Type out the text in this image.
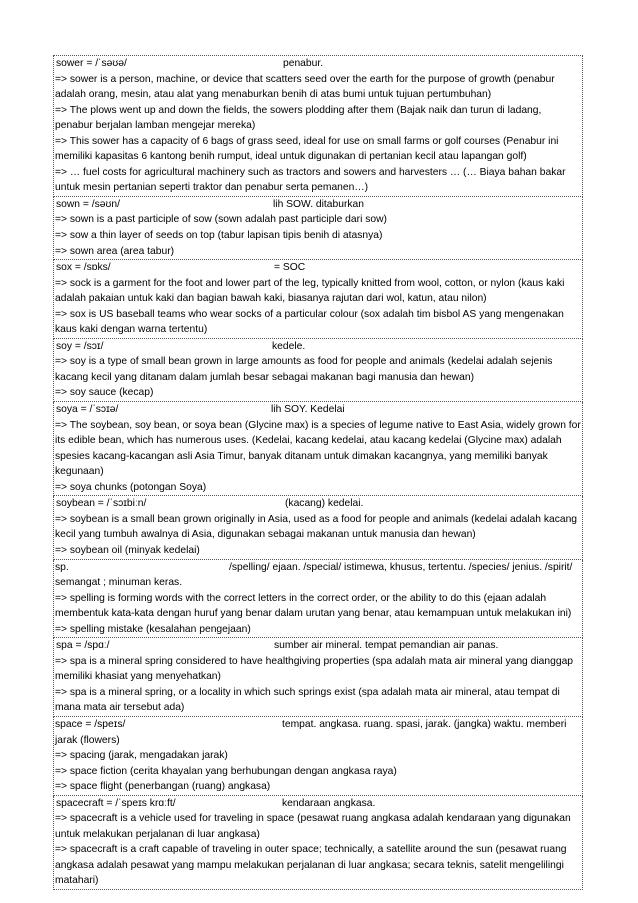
sower = /ˈsəʊə/	penabur.
=> sower is a person, machine, or device that scatters seed over the earth for the purpose of growth (penabur adalah orang, mesin, atau alat yang menaburkan benih di atas bumi untuk tujuan pertumbuhan)
=> The plows went up and down the fields, the sowers plodding after them (Bajak naik dan turun di ladang, penabur berjalan lamban mengejar mereka)
=> This sower has a capacity of 6 bags of grass seed, ideal for use on small farms or golf courses (Penabur ini memiliki kapasitas 6 kantong benih rumput, ideal untuk digunakan di pertanian kecil atau lapangan golf)
=> … fuel costs for agricultural machinery such as tractors and sowers and harvesters … (… Biaya bahan bakar untuk mesin pertanian seperti traktor dan penabur serta pemanen…)
sown = /səʊn/	lih SOW. ditaburkan
=> sown is a past participle of sow (sown adalah past participle dari sow)
=> sow a thin layer of seeds on top (tabur lapisan tipis benih di atasnya)
=> sown area (area tabur)
sox = /sɒks/	= SOC
=> sock is a garment for the foot and lower part of the leg, typically knitted from wool, cotton, or nylon (kaus kaki adalah pakaian untuk kaki dan bagian bawah kaki, biasanya rajutan dari wol, katun, atau nilon)
=> sox is US baseball teams who wear socks of a particular colour (sox adalah tim bisbol AS yang mengenakan kaus kaki dengan warna tertentu)
soy = /sɔɪ/	kedele.
=> soy is a type of small bean grown in large amounts as food for people and animals (kedelai adalah sejenis kacang kecil yang ditanam dalam jumlah besar sebagai makanan bagi manusia dan hewan)
=> soy sauce (kecap)
soya = /ˈsɔɪə/	lih SOY. Kedelai
=> The soybean, soy bean, or soya bean (Glycine max) is a species of legume native to East Asia, widely grown for its edible bean, which has numerous uses. (Kedelai, kacang kedelai, atau kacang kedelai (Glycine max) adalah spesies kacang-kacangan asli Asia Timur, banyak ditanam untuk dimakan kacangnya, yang memiliki banyak kegunaan)
=> soya chunks (potongan Soya)
soybean = /ˈsɔɪbiːn/	(kacang) kedelai.
=> soybean is a small bean grown originally in Asia, used as a food for people and animals (kedelai adalah kacang kecil yang tumbuh awalnya di Asia, digunakan sebagai makanan untuk manusia dan hewan)
=> soybean oil (minyak kedelai)
sp.	/spelling/ ejaan. /special/ istimewa, khusus, tertentu. /species/ jenius. /spirit/ semangat ; minuman keras.
=> spelling is forming words with the correct letters in the correct order, or the ability to do this (ejaan adalah membentuk kata-kata dengan huruf yang benar dalam urutan yang benar, atau kemampuan untuk melakukan ini)
=> spelling mistake (kesalahan pengejaan)
spa = /spɑː/	sumber air mineral. tempat pemandian air panas.
=> spa is a mineral spring considered to have healthgiving properties (spa adalah mata air mineral yang dianggap memiliki khasiat yang menyehatkan)
=> spa is a mineral spring, or a locality in which such springs exist (spa adalah mata air mineral, atau tempat di mana mata air tersebut ada)
space = /speɪs/	tempat. angkasa. ruang. spasi, jarak. (jangka) waktu. memberi jarak (flowers)
=> spacing (jarak, mengadakan jarak)
=> space fiction (cerita khayalan yang berhubungan dengan angkasa raya)
=> space flight (penerbangan (ruang) angkasa)
spacecraft = /ˈspeɪs krɑːft/	kendaraan angkasa.
=> spacecraft is a vehicle used for traveling in space (pesawat ruang angkasa adalah kendaraan yang digunakan untuk melakukan perjalanan di luar angkasa)
=> spacecraft is a craft capable of traveling in outer space; technically, a satellite around the sun (pesawat ruang angkasa adalah pesawat yang mampu melakukan perjalanan di luar angkasa; secara teknis, satelit mengelilingi matahari)
